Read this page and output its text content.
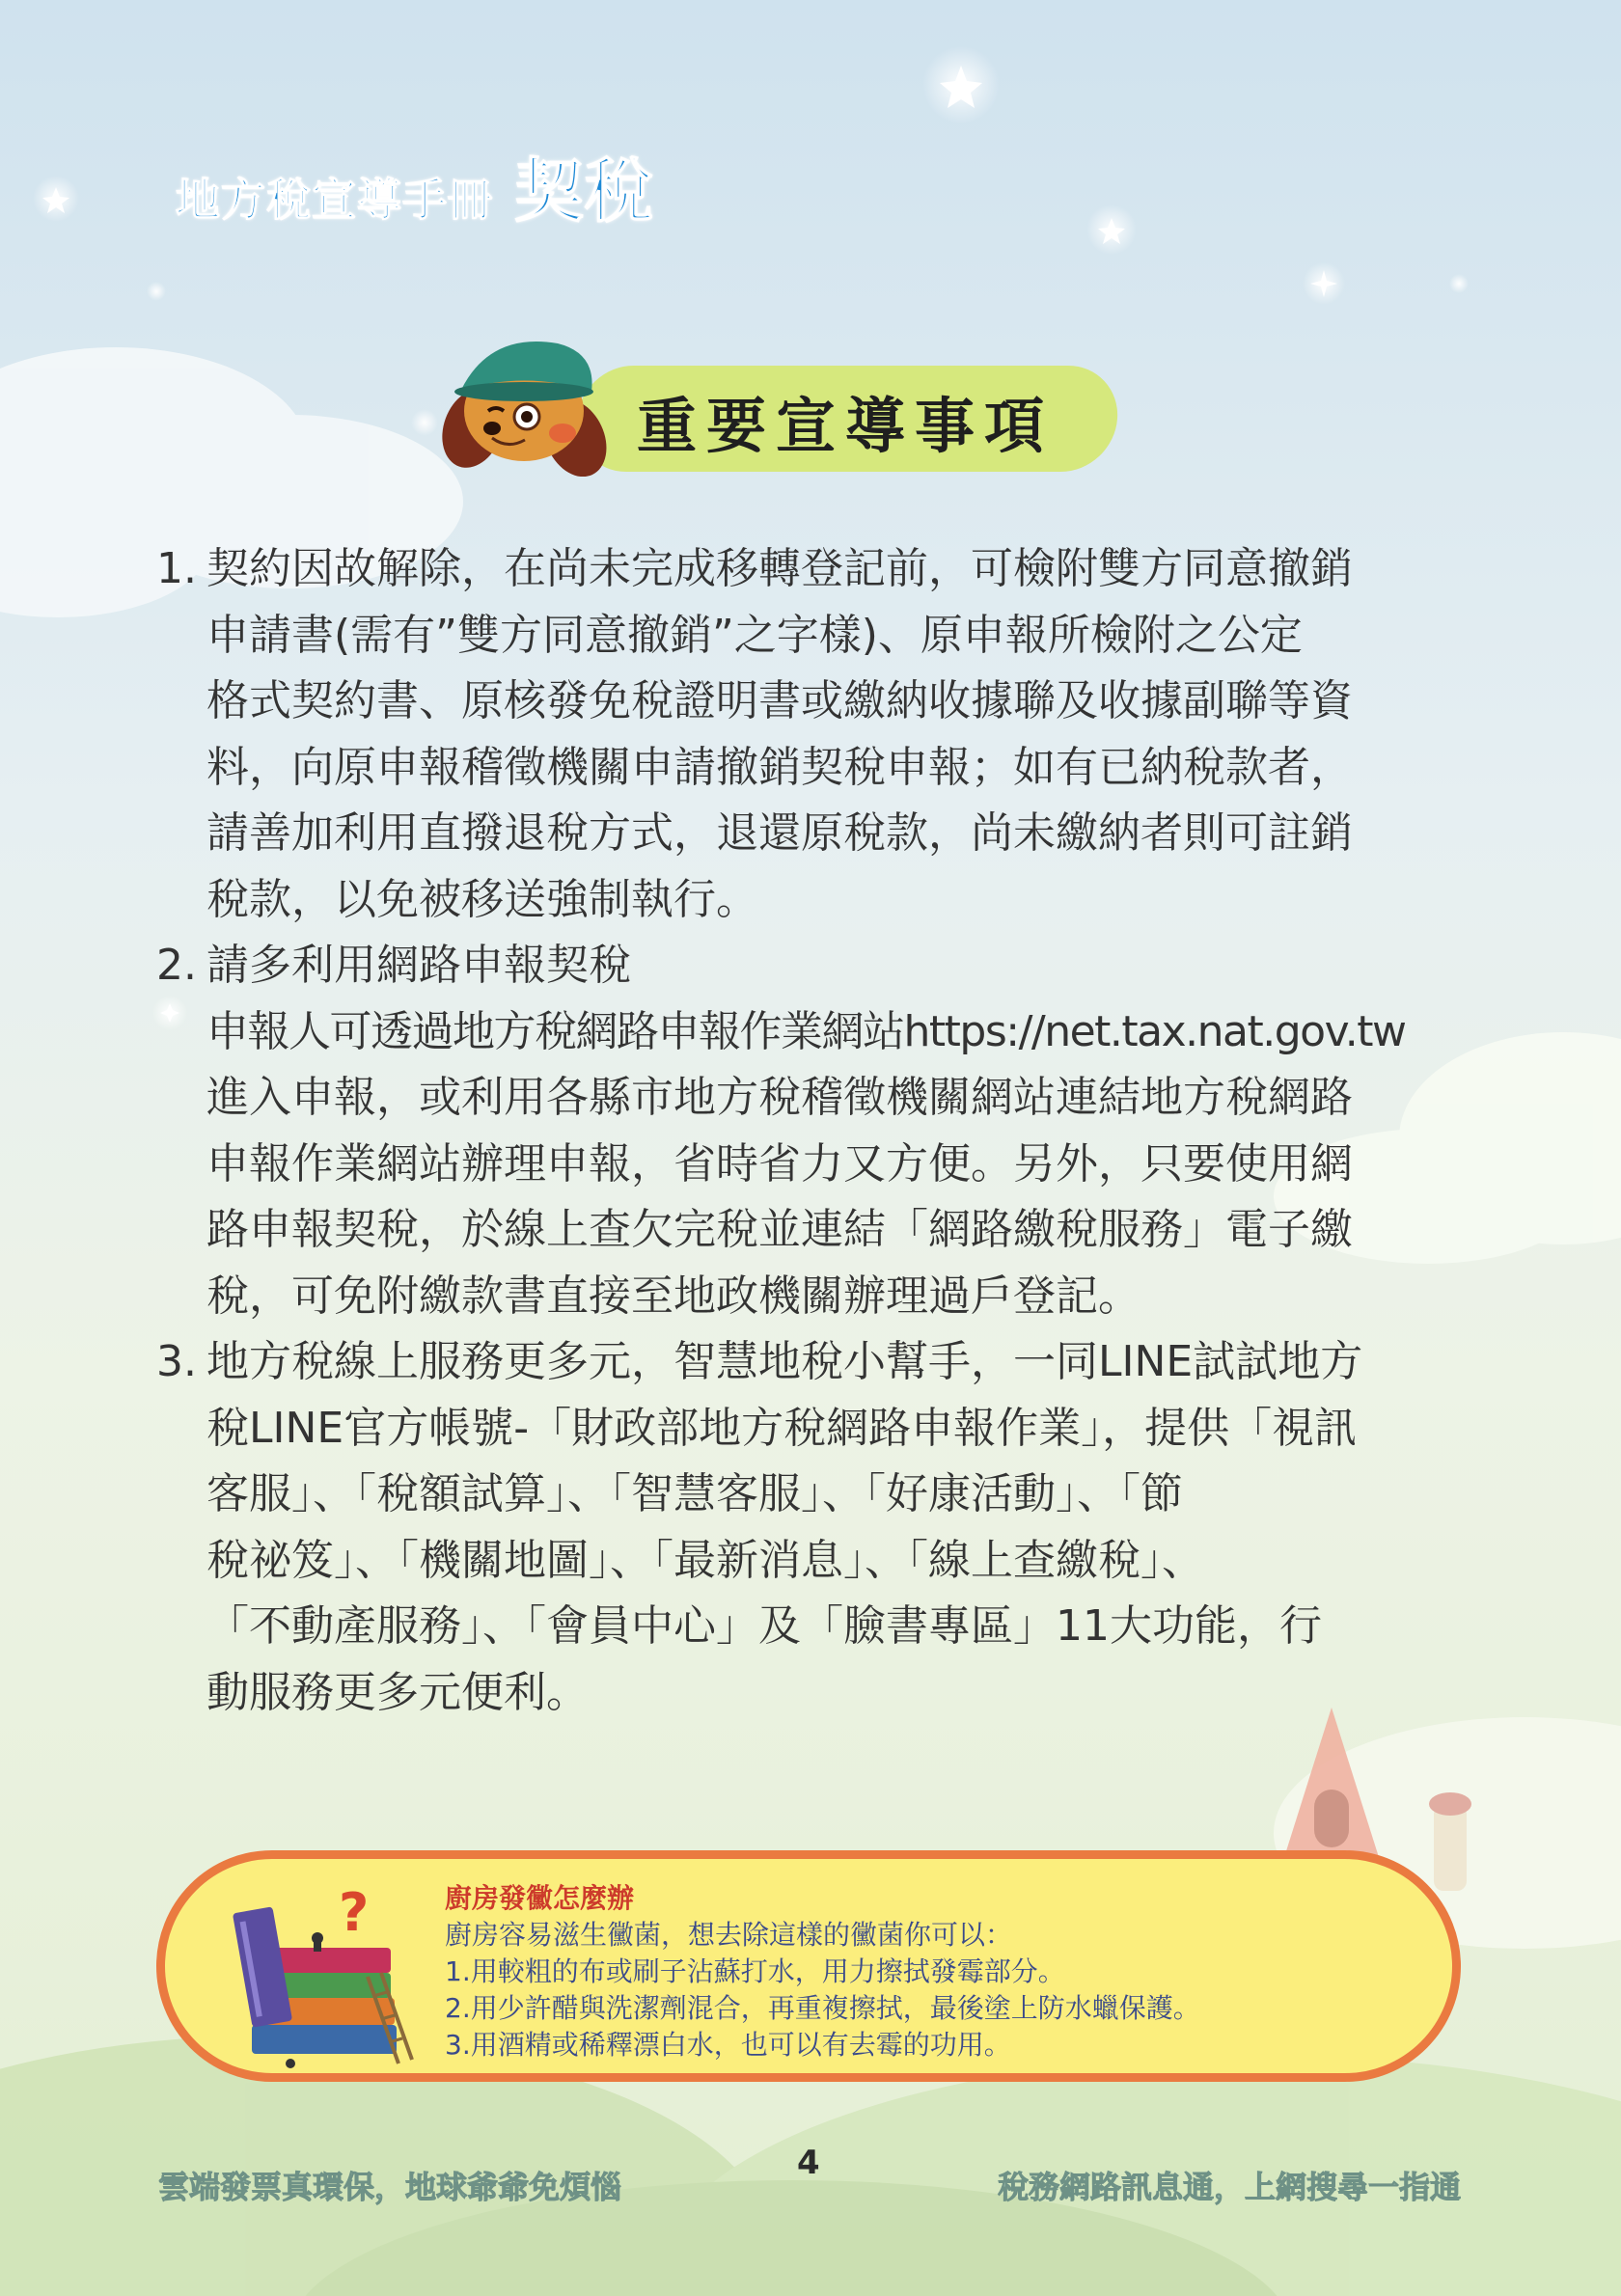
地方稅宣導手冊 契稅
重要宣導事項
1. 契約因故解除，在尚未完成移轉登記前，可檢附雙方同意撤銷
申請書(需有”雙方同意撤銷”之字樣)、原申報所檢附之公定
格式契約書、原核發免稅證明書或繳納收據聯及收據副聯等資
料，向原申報稽徵機關申請撤銷契稅申報；如有已納稅款者，
請善加利用直撥退稅方式，退還原稅款，尚未繳納者則可註銷
稅款，以免被移送強制執行。
2. 請多利用網路申報契稅
申報人可透過地方稅網路申報作業網站https://net.tax.nat.gov.tw
進入申報，或利用各縣市地方稅稽徵機關網站連結地方稅網路
申報作業網站辦理申報，省時省力又方便。另外，只要使用網
路申報契稅，於線上查欠完稅並連結「網路繳稅服務」電子繳
稅，可免附繳款書直接至地政機關辦理過戶登記。
3. 地方稅線上服務更多元，智慧地稅小幫手，一同LINE試試地方
稅LINE官方帳號-「財政部地方稅網路申報作業」，提供「視訊
客服」、「稅額試算」、「智慧客服」、「好康活動」、「節
稅祕笈」、「機關地圖」、「最新消息」、「線上查繳稅」、
「不動產服務」、「會員中心」及「臉書專區」11大功能，行
動服務更多元便利。
?	廚房發黴怎麼辦
廚房容易滋生黴菌，想去除這樣的黴菌你可以：
1.用較粗的布或刷子沾蘇打水，用力擦拭發霉部分。
2.用少許醋與洗潔劑混合，再重複擦拭，最後塗上防水蠟保護。
3.用酒精或稀釋漂白水，也可以有去霉的功用。
雲端發票真環保，地球爺爺免煩惱
4
稅務網路訊息通，上網搜尋一指通
